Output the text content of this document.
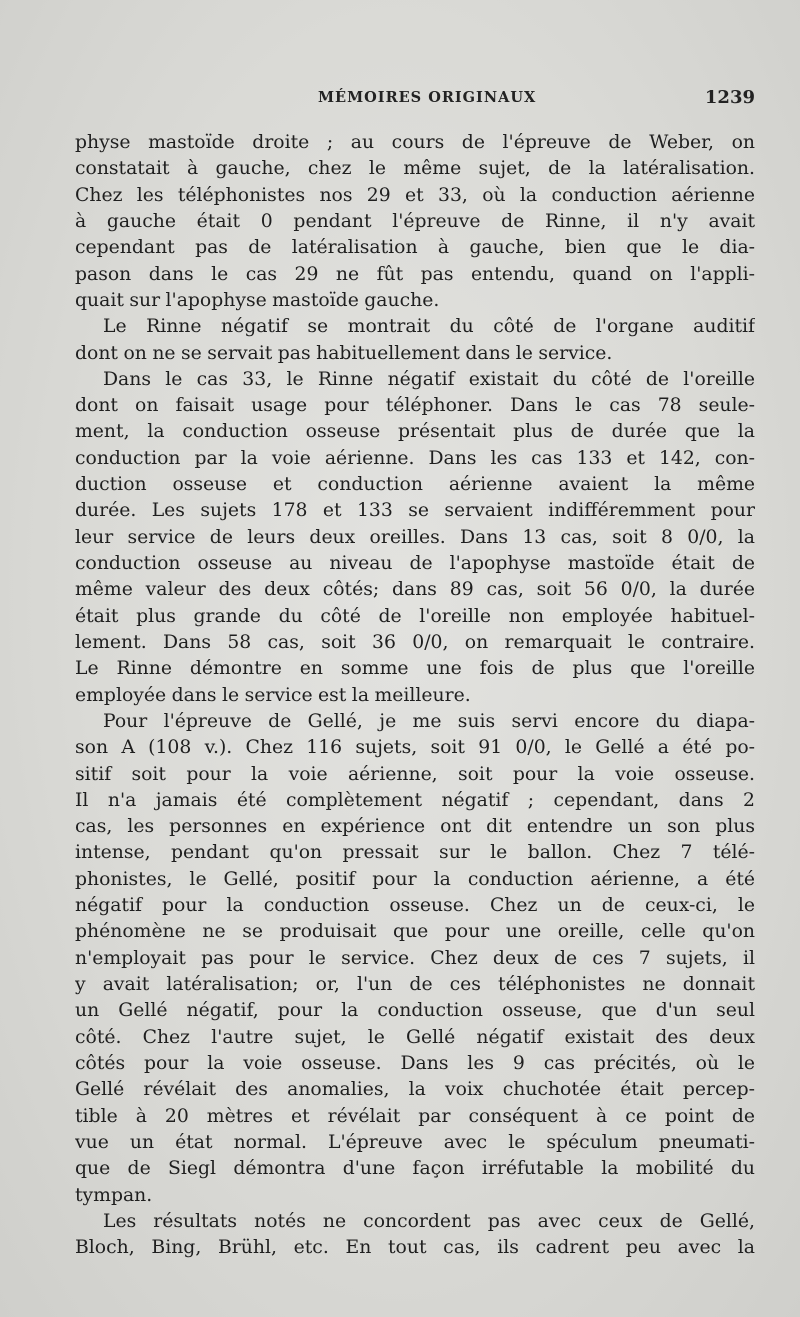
MÉMOIRES ORIGINAUX	1239
physe mastoïde droite ; au cours de l'épreuve de Weber, on
constatait à gauche, chez le même sujet, de la latéralisation.
Chez les téléphonistes nos 29 et 33, où la conduction aérienne
à gauche était 0 pendant l'épreuve de Rinne, il n'y avait
cependant pas de latéralisation à gauche, bien que le dia-
pason dans le cas 29 ne fût pas entendu, quand on l'appli-
quait sur l'apophyse mastoïde gauche.
Le Rinne négatif se montrait du côté de l'organe auditif
dont on ne se servait pas habituellement dans le service.
Dans le cas 33, le Rinne négatif existait du côté de l'oreille
dont on faisait usage pour téléphoner. Dans le cas 78 seule-
ment, la conduction osseuse présentait plus de durée que la
conduction par la voie aérienne. Dans les cas 133 et 142, con-
duction osseuse et conduction aérienne avaient la même
durée. Les sujets 178 et 133 se servaient indifféremment pour
leur service de leurs deux oreilles. Dans 13 cas, soit 8 0/0, la
conduction osseuse au niveau de l'apophyse mastoïde était de
même valeur des deux côtés; dans 89 cas, soit 56 0/0, la durée
était plus grande du côté de l'oreille non employée habituel-
lement. Dans 58 cas, soit 36 0/0, on remarquait le contraire.
Le Rinne démontre en somme une fois de plus que l'oreille
employée dans le service est la meilleure.
Pour l'épreuve de Gellé, je me suis servi encore du diapa-
son A (108 v.). Chez 116 sujets, soit 91 0/0, le Gellé a été po-
sitif soit pour la voie aérienne, soit pour la voie osseuse.
Il n'a jamais été complètement négatif ; cependant, dans 2
cas, les personnes en expérience ont dit entendre un son plus
intense, pendant qu'on pressait sur le ballon. Chez 7 télé-
phonistes, le Gellé, positif pour la conduction aérienne, a été
négatif pour la conduction osseuse. Chez un de ceux-ci, le
phénomène ne se produisait que pour une oreille, celle qu'on
n'employait pas pour le service. Chez deux de ces 7 sujets, il
y avait latéralisation; or, l'un de ces téléphonistes ne donnait
un Gellé négatif, pour la conduction osseuse, que d'un seul
côté. Chez l'autre sujet, le Gellé négatif existait des deux
côtés pour la voie osseuse. Dans les 9 cas précités, où le
Gellé révélait des anomalies, la voix chuchotée était percep-
tible à 20 mètres et révélait par conséquent à ce point de
vue un état normal. L'épreuve avec le spéculum pneumati-
que de Siegl démontra d'une façon irréfutable la mobilité du
tympan.
Les résultats notés ne concordent pas avec ceux de Gellé,
Bloch, Bing, Brühl, etc. En tout cas, ils cadrent peu avec la
